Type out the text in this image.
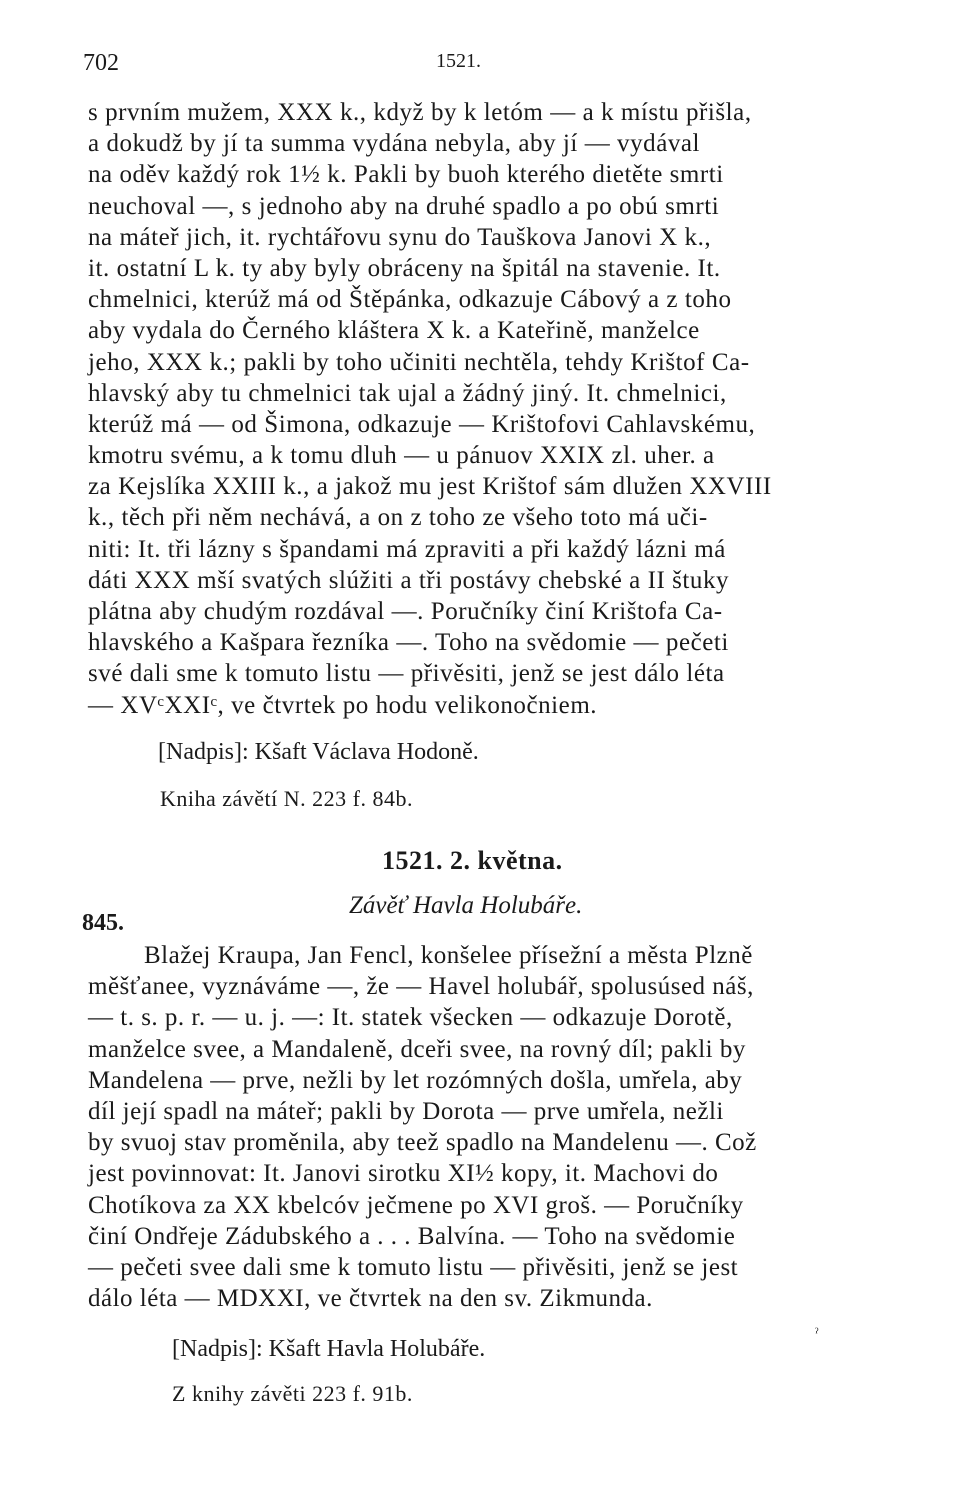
702	1521.
s prvním mužem, XXX k., když by k letóm — a k místu přišla,
a dokudž by jí ta summa vydána nebyla, aby jí — vydával
na oděv každý rok 1½ k. Pakli by buoh kterého dietěte smrti
neuchoval —, s jednoho aby na druhé spadlo a po obú smrti
na máteř jich, it. rychtářovu synu do Tauškova Janovi X k.,
it. ostatní L k. ty aby byly obráceny na špitál na stavenie. It.
chmelnici, kterúž má od Štěpánka, odkazuje Cábový a z toho
aby vydala do Černého kláštera X k. a Kateřině, manželce
jeho, XXX k.; pakli by toho učiniti nechtěla, tehdy Krištof Ca-
hlavský aby tu chmelnici tak ujal a žádný jiný. It. chmelnici,
kterúž má — od Šimona, odkazuje — Krištofovi Cahlavskému,
kmotru svému, a k tomu dluh — u pánuov XXIX zl. uher. a
za Kejslíka XXIII k., a jakož mu jest Krištof sám dlužen XXVIII
k., těch při něm nechává, a on z toho ze všeho toto má uči-
niti: It. tři lázny s špandami má zpraviti a při každý lázni má
dáti XXX mší svatých slúžiti a tři postávy chebské a II štuky
plátna aby chudým rozdával —. Poručníky činí Krištofa Ca-
hlavského a Kašpara řezníka —. Toho na svědomie — pečeti
své dali sme k tomuto listu — přivěsiti, jenž se jest dálo léta
— XVᶜXXIᶜ, ve čtvrtek po hodu velikonočniem.
[Nadpis]: Kšaft Václava Hodoně.
Kniha závětí N. 223 f. 84b.
845.
1521. 2. května.
Závěť Havla Holubáře.
Blažej Kraupa, Jan Fencl, konšelee přísežní a města Plzně
měšťanee, vyznáváme —, že — Havel holubář, spolusúsed náš,
— t. s. p. r. — u. j. —: It. statek všecken — odkazuje Dorotě,
manželce svee, a Mandaleně, dceři svee, na rovný díl; pakli by
Mandelena — prve, nežli by let rozómných došla, umřela, aby
díl její spadl na máteř; pakli by Dorota — prve umřela, nežli
by svuoj stav proměnila, aby teež spadlo na Mandelenu —. Což
jest povinnovat: It. Janovi sirotku XI½ kopy, it. Machovi do
Chotíkova za XX kbelcóv ječmene po XVI groš. — Poručníky
činí Ondřeje Zádubského a . . . Balvína. — Toho na svědomie
— pečeti svee dali sme k tomuto listu — přivěsiti, jenž se jest
dálo léta — MDXXI, ve čtvrtek na den sv. Zikmunda.
ˀ
[Nadpis]: Kšaft Havla Holubáře.
Z knihy závěti 223 f. 91b.
